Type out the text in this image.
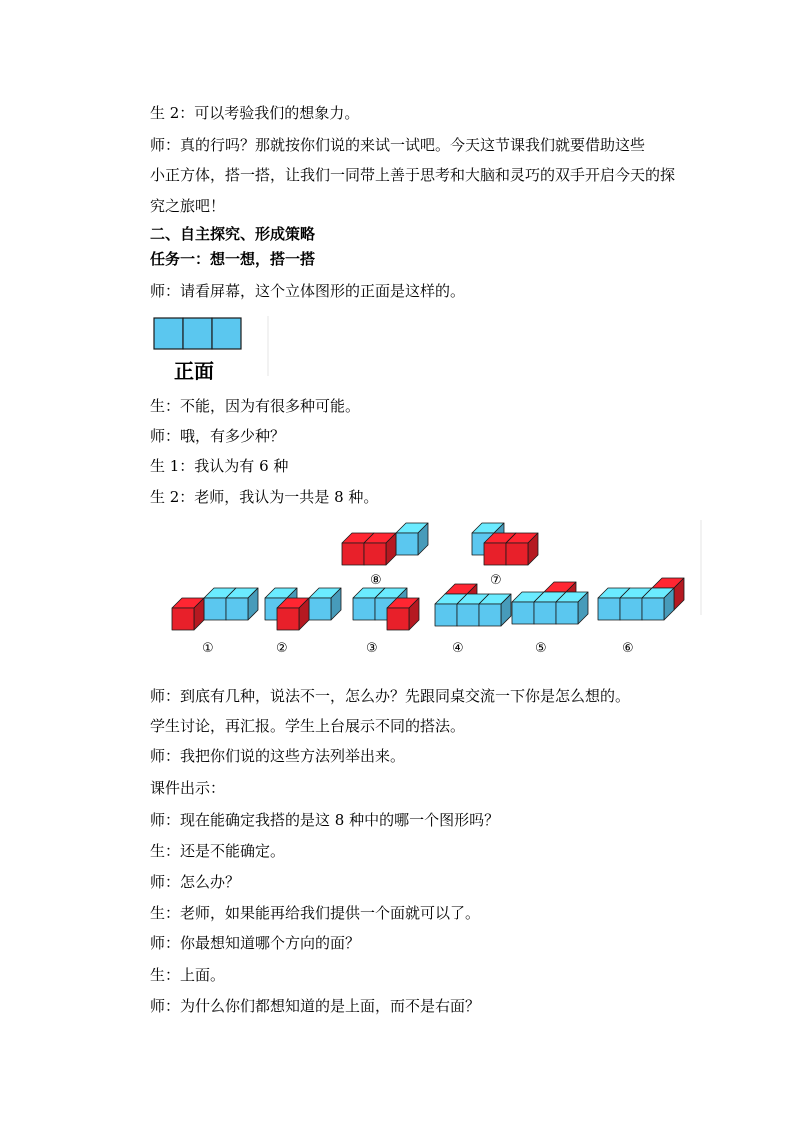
生 2：可以考验我们的想象力。
师：真的行吗？那就按你们说的来试一试吧。今天这节课我们就要借助这些
小正方体，搭一搭，让我们一同带上善于思考和大脑和灵巧的双手开启今天的探
究之旅吧！
二、自主探究、形成策略
任务一：想一想，搭一搭
师：请看屏幕，这个立体图形的正面是这样的。
正面
生：不能，因为有很多种可能。
师：哦，有多少种？
生 1：我认为有 6 种
生 2：老师，我认为一共是 8 种。
⑧	⑦
①	②	③	④	⑤	⑥
师：到底有几种，说法不一，怎么办？先跟同桌交流一下你是怎么想的。
学生讨论，再汇报。学生上台展示不同的搭法。
师：我把你们说的这些方法列举出来。
课件出示：
师：现在能确定我搭的是这 8 种中的哪一个图形吗？
生：还是不能确定。
师：怎么办？
生：老师，如果能再给我们提供一个面就可以了。
师：你最想知道哪个方向的面？
生：上面。
师：为什么你们都想知道的是上面，而不是右面？
